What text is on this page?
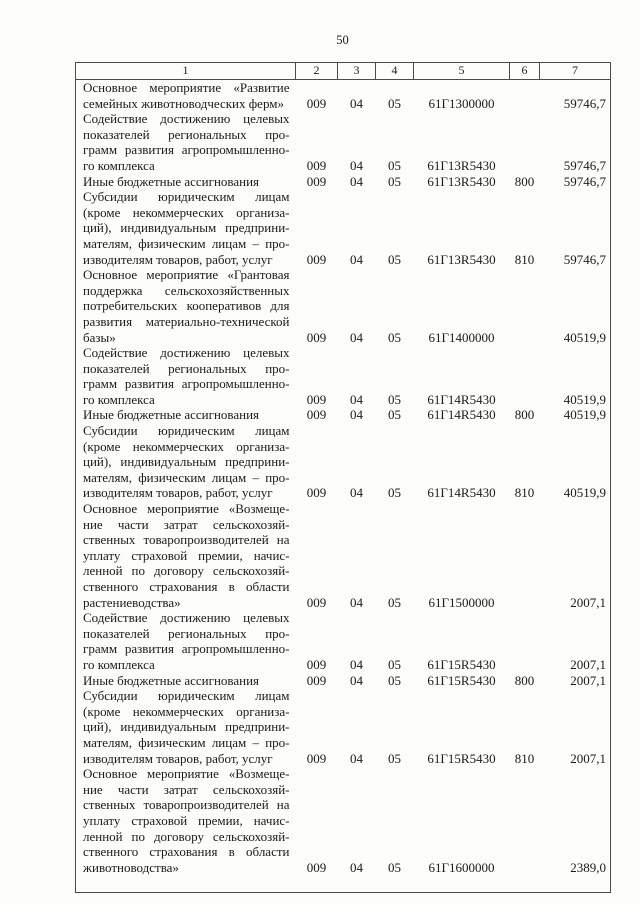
50
1	2	3	4	5	6	7

Основное мероприятие «Развитие
семейных животноводческих ферм»	009	04	05	61Г1300000		59746,7

Содействие достижению целевых
показателей региональных про-
грамм развития агропромышленно-
го комплекса	009	04	05	61Г13R5430		59746,7

Иные бюджетные ассигнования	009	04	05	61Г13R5430	800	59746,7

Субсидии юридическим лицам
(кроме некоммерческих организа-
ций), индивидуальным предприни-
мателям, физическим лицам – про-
изводителям товаров, работ, услуг	009	04	05	61Г13R5430	810	59746,7

Основное мероприятие «Грантовая
поддержка сельскохозяйственных
потребительских кооперативов для
развития материально-технической
базы»	009	04	05	61Г1400000		40519,9

Содействие достижению целевых
показателей региональных про-
грамм развития агропромышленно-
го комплекса	009	04	05	61Г14R5430		40519,9

Иные бюджетные ассигнования	009	04	05	61Г14R5430	800	40519,9

Субсидии юридическим лицам
(кроме некоммерческих организа-
ций), индивидуальным предприни-
мателям, физическим лицам – про-
изводителям товаров, работ, услуг	009	04	05	61Г14R5430	810	40519,9

Основное мероприятие «Возмеще-
ние части затрат сельскохозяй-
ственных товаропроизводителей на
уплату страховой премии, начис-
ленной по договору сельскохозяй-
ственного страхования в области
растениеводства»	009	04	05	61Г1500000		2007,1

Содействие достижению целевых
показателей региональных про-
грамм развития агропромышленно-
го комплекса	009	04	05	61Г15R5430		2007,1

Иные бюджетные ассигнования	009	04	05	61Г15R5430	800	2007,1

Субсидии юридическим лицам
(кроме некоммерческих организа-
ций), индивидуальным предприни-
мателям, физическим лицам – про-
изводителям товаров, работ, услуг	009	04	05	61Г15R5430	810	2007,1

Основное мероприятие «Возмеще-
ние части затрат сельскохозяй-
ственных товаропроизводителей на
уплату страховой премии, начис-
ленной по договору сельскохозяй-
ственного страхования в области
животноводства»	009	04	05	61Г1600000		2389,0
